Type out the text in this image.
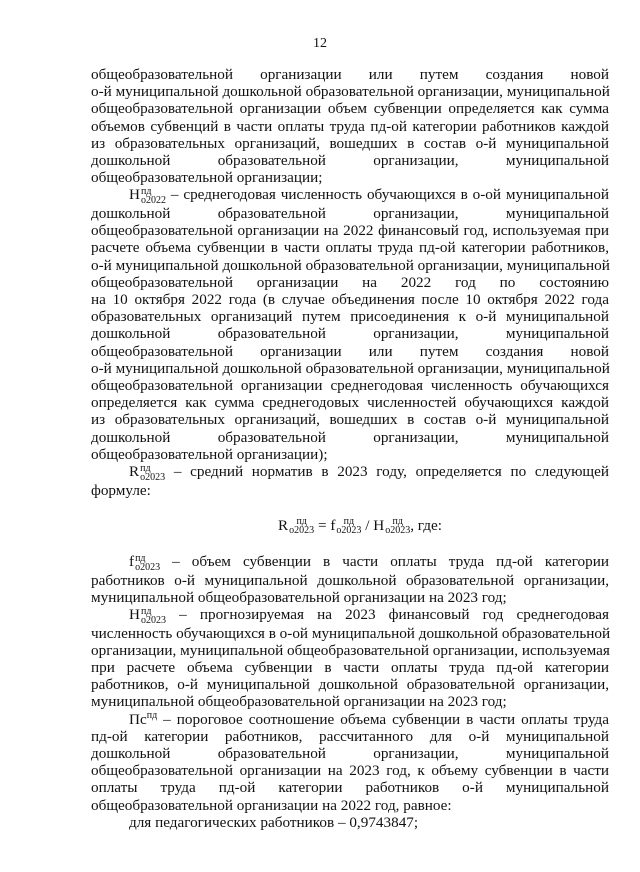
12
общеобразовательной организации или путем создания новой
о-й муниципальной дошкольной образовательной организации, муниципальной
общеобразовательной организации объем субвенции определяется как сумма
объемов субвенций в части оплаты труда пд-ой категории работников каждой
из образовательных организаций, вошедших в состав о-й муниципальной
дошкольной образовательной организации, муниципальной
общеобразовательной организации;
Н пд
о2022 – среднегодовая численность обучающихся в о-ой муниципальной
дошкольной образовательной организации, муниципальной
общеобразовательной организации на 2022 финансовый год, используемая при
расчете объема субвенции в части оплаты труда пд-ой категории работников,
о-й муниципальной дошкольной образовательной организации, муниципальной
общеобразовательной организации на 2022 год по состоянию
на 10 октября 2022 года (в случае объединения после 10 октября 2022 года
образовательных организаций путем присоединения к о-й муниципальной
дошкольной образовательной организации, муниципальной
общеобразовательной организации или путем создания новой
о-й муниципальной дошкольной образовательной организации, муниципальной
общеобразовательной организации среднегодовая численность обучающихся
определяется как сумма среднегодовых численностей обучающихся каждой
из образовательных организаций, вошедших в состав о-й муниципальной
дошкольной образовательной организации, муниципальной
общеобразовательной организации);
R пд
о2023 – средний норматив в 2023 году, определяется по следующей
формуле:
R пд
о2023 = f пд
о2023 / Н пд
о2023 , где:
f пд
о2023 – объем субвенции в части оплаты труда пд-ой категории
работников о-й муниципальной дошкольной образовательной организации,
муниципальной общеобразовательной организации на 2023 год;
Н пд
о2023 – прогнозируемая на 2023 финансовый год среднегодовая
численность обучающихся в о-ой муниципальной дошкольной образовательной
организации, муниципальной общеобразовательной организации, используемая
при расчете объема субвенции в части оплаты труда пд-ой категории
работников, о-й муниципальной дошкольной образовательной организации,
муниципальной общеобразовательной организации на 2023 год;
$Пс^{пд}$ – пороговое соотношение объема субвенции в части оплаты труда
пд-ой категории работников, рассчитанного для о-й муниципальной
дошкольной образовательной организации, муниципальной
общеобразовательной организации на 2023 год, к объему субвенции в части
оплаты труда пд-ой категории работников о-й муниципальной
общеобразовательной организации на 2022 год, равное:
для педагогических работников – 0,9743847;
